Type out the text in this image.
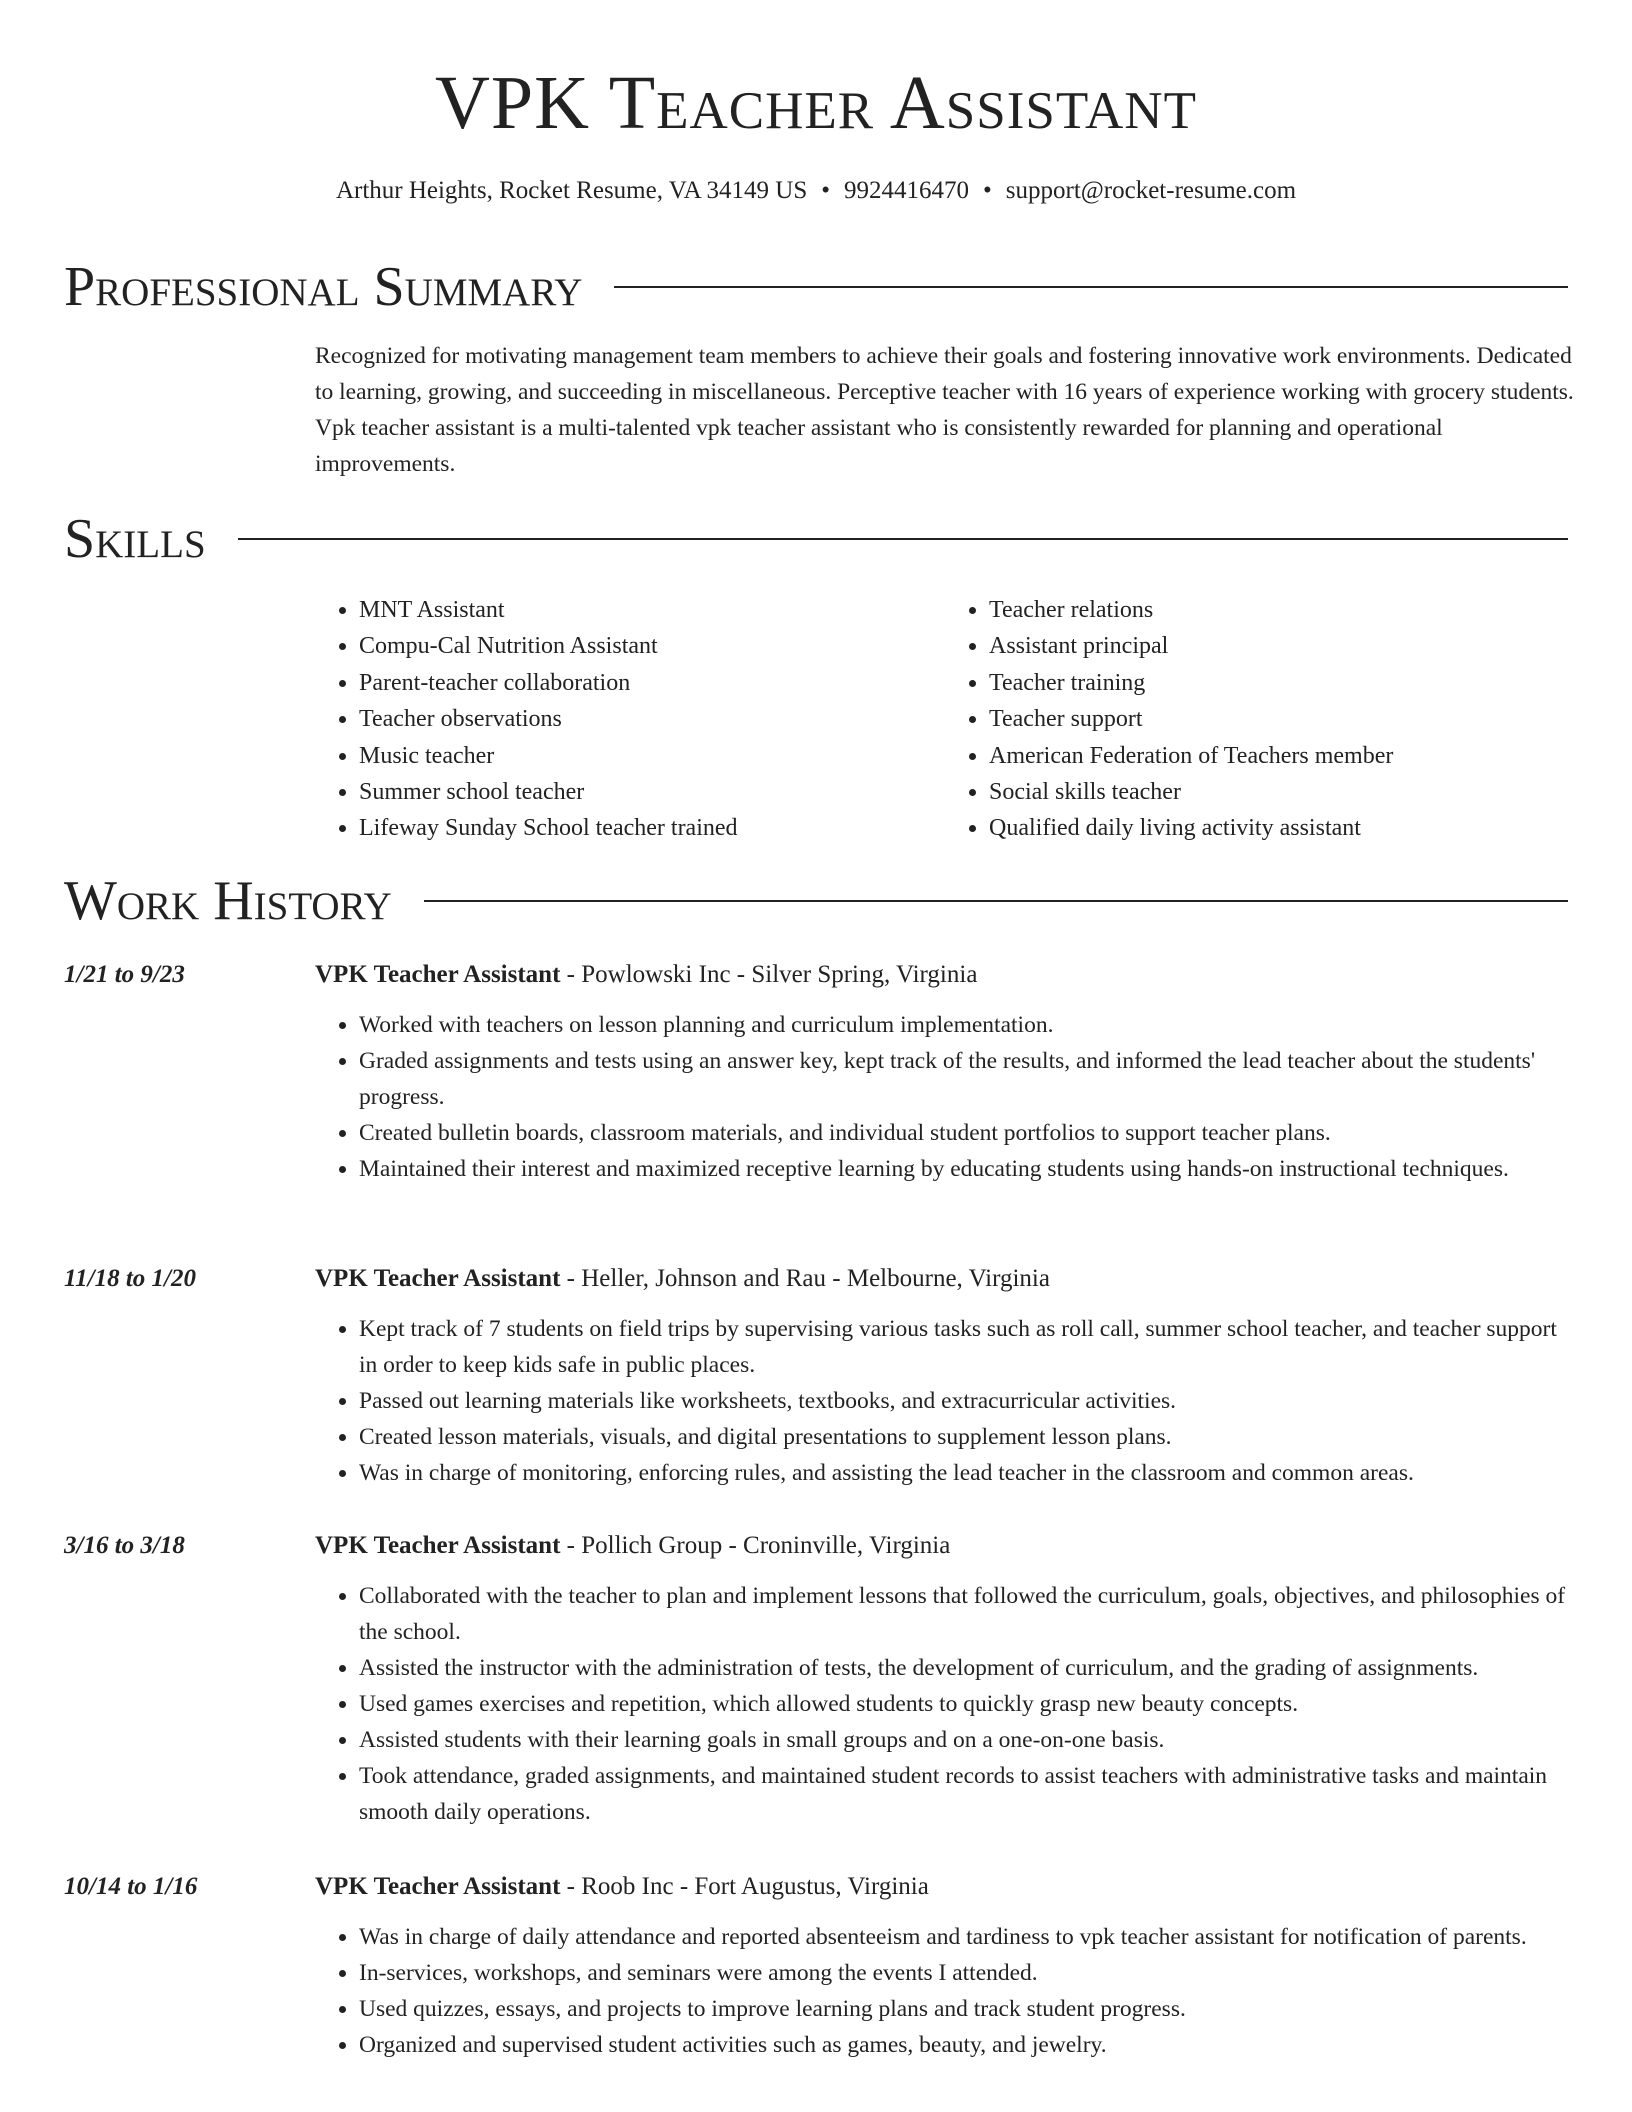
VPK Teacher Assistant
Arthur Heights, Rocket Resume, VA 34149 US • 9924416470 • support@rocket-resume.com
Professional Summary

Recognized for motivating management team members to achieve their goals and fostering innovative work environments. Dedicated to learning, growing, and succeeding in miscellaneous. Perceptive teacher with 16 years of experience working with grocery students. Vpk teacher assistant is a multi-talented vpk teacher assistant who is consistently rewarded for planning and operational improvements.

Skills
• MNT Assistant
• Compu-Cal Nutrition Assistant
• Parent-teacher collaboration
• Teacher observations
• Music teacher
• Summer school teacher
• Lifeway Sunday School teacher trained
• Teacher relations
• Assistant principal
• Teacher training
• Teacher support
• American Federation of Teachers member
• Social skills teacher
• Qualified daily living activity assistant
Work History
1/21 to 9/23	VPK Teacher Assistant - Powlowski Inc - Silver Spring, Virginia
• Worked with teachers on lesson planning and curriculum implementation.
• Graded assignments and tests using an answer key, kept track of the results, and informed the lead teacher about the students' progress.
• Created bulletin boards, classroom materials, and individual student portfolios to support teacher plans.
• Maintained their interest and maximized receptive learning by educating students using hands-on instructional techniques.
11/18 to 1/20	VPK Teacher Assistant - Heller, Johnson and Rau - Melbourne, Virginia
• Kept track of 7 students on field trips by supervising various tasks such as roll call, summer school teacher, and teacher support in order to keep kids safe in public places.
• Passed out learning materials like worksheets, textbooks, and extracurricular activities.
• Created lesson materials, visuals, and digital presentations to supplement lesson plans.
• Was in charge of monitoring, enforcing rules, and assisting the lead teacher in the classroom and common areas.
3/16 to 3/18	VPK Teacher Assistant - Pollich Group - Croninville, Virginia
• Collaborated with the teacher to plan and implement lessons that followed the curriculum, goals, objectives, and philosophies of the school.
• Assisted the instructor with the administration of tests, the development of curriculum, and the grading of assignments.
• Used games exercises and repetition, which allowed students to quickly grasp new beauty concepts.
• Assisted students with their learning goals in small groups and on a one-on-one basis.
• Took attendance, graded assignments, and maintained student records to assist teachers with administrative tasks and maintain smooth daily operations.
10/14 to 1/16	VPK Teacher Assistant - Roob Inc - Fort Augustus, Virginia
• Was in charge of daily attendance and reported absenteeism and tardiness to vpk teacher assistant for notification of parents.
• In-services, workshops, and seminars were among the events I attended.
• Used quizzes, essays, and projects to improve learning plans and track student progress.
• Organized and supervised student activities such as games, beauty, and jewelry.
